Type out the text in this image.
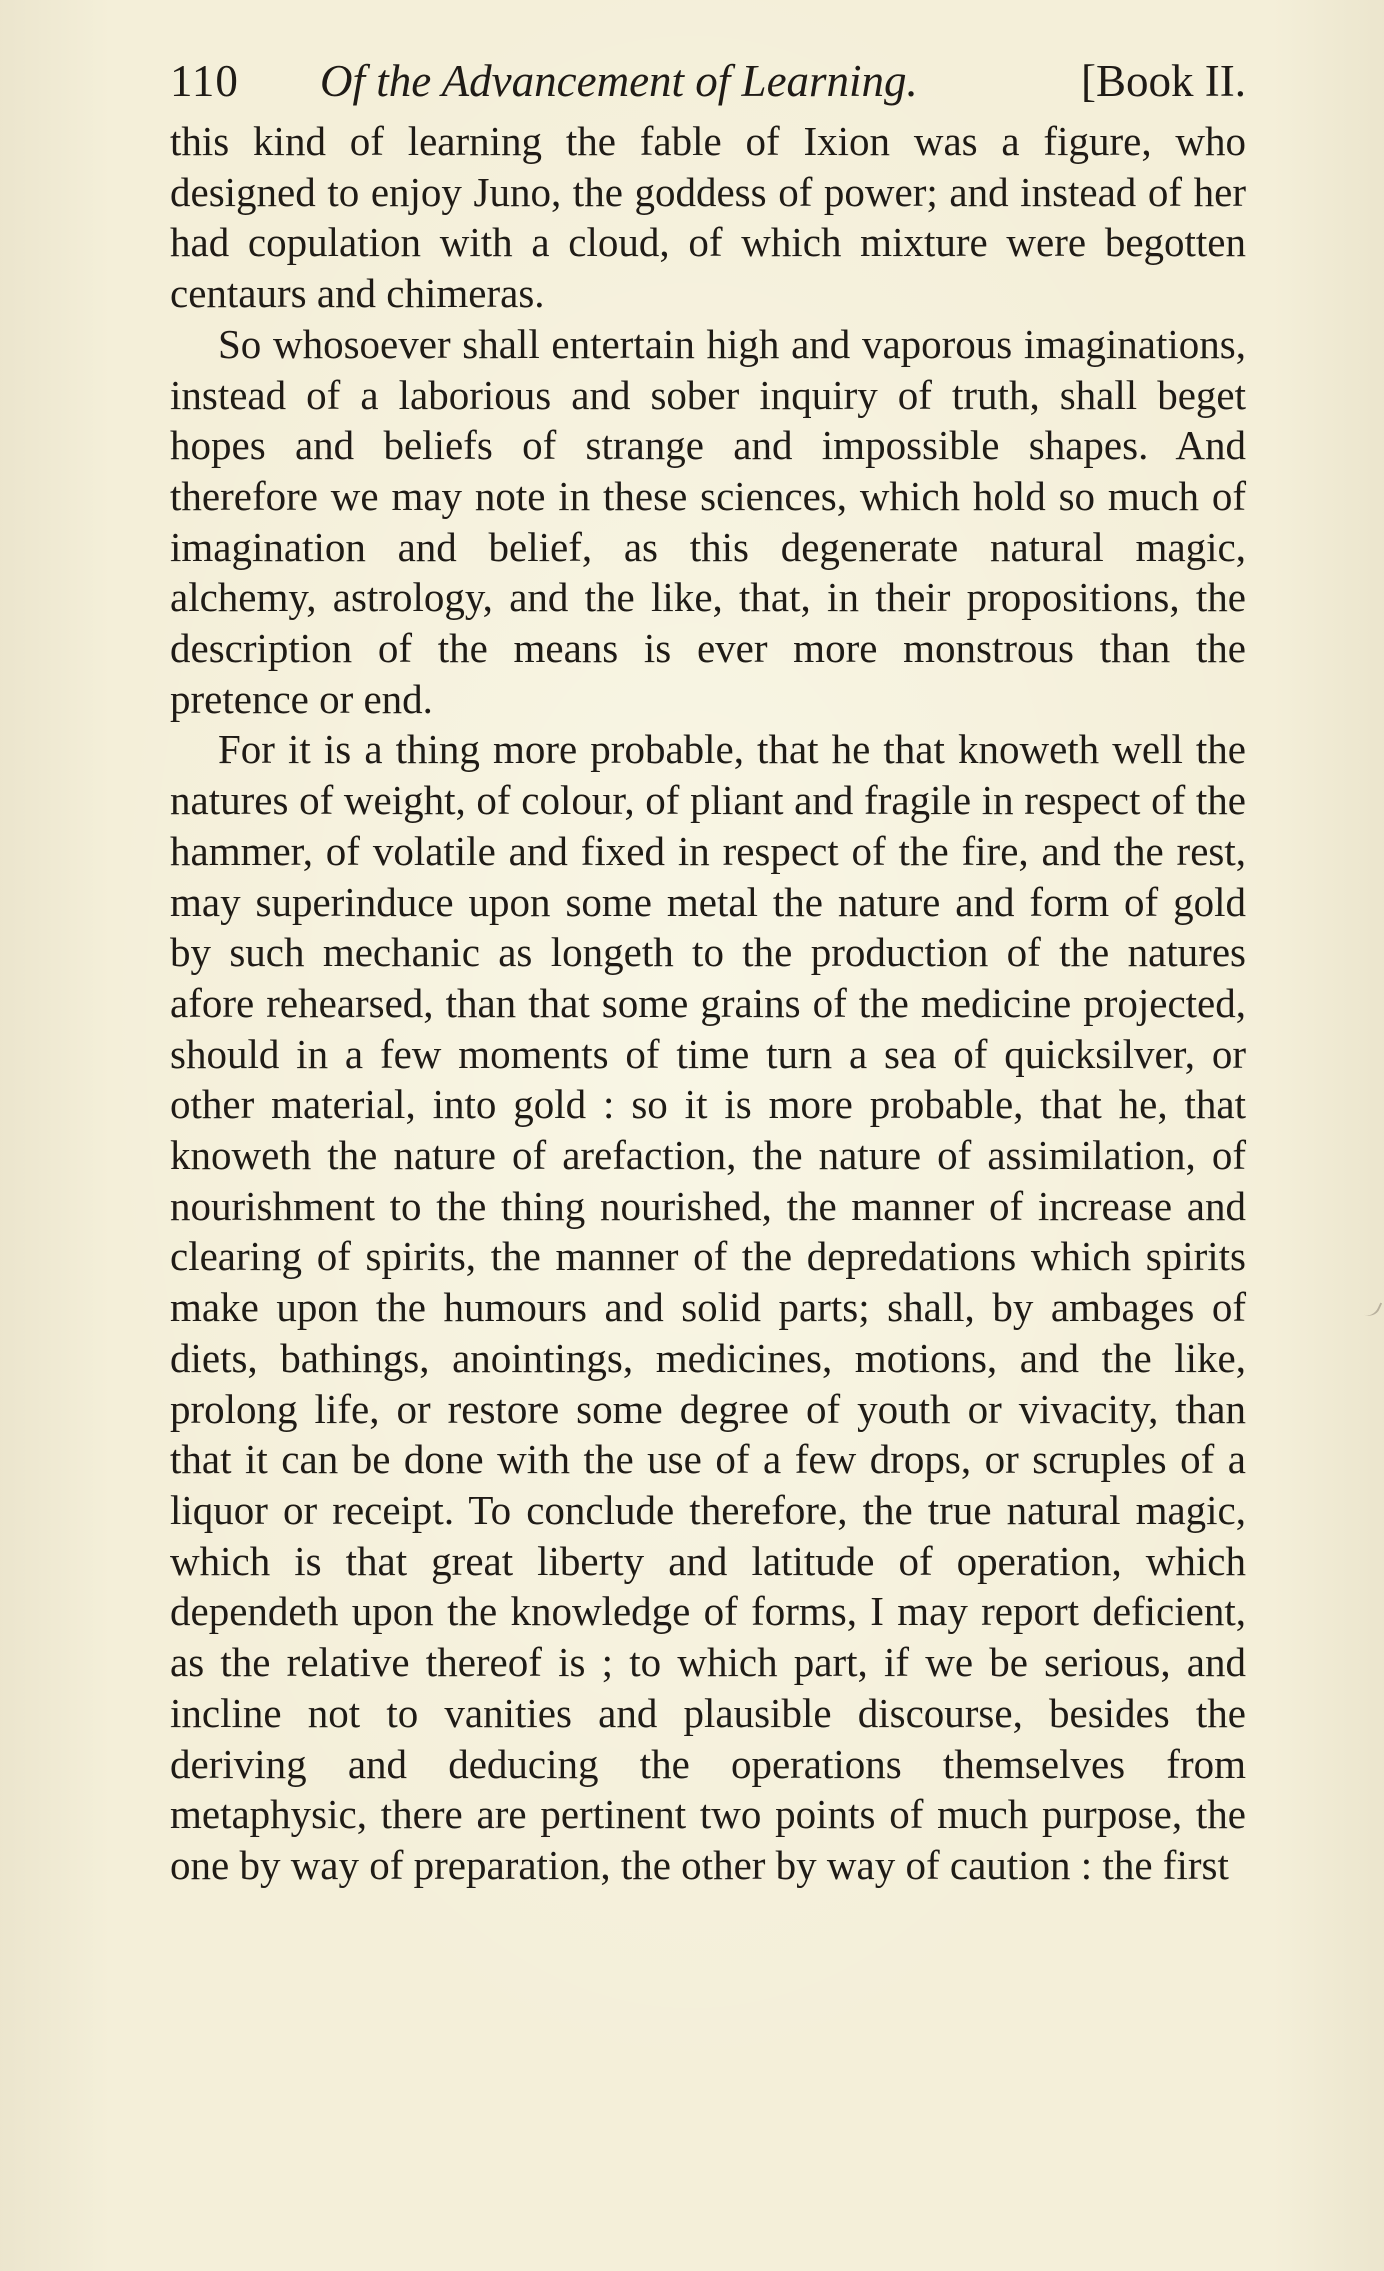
110 Of the Advancement of Learning.	[Book II.

this kind of learning the fable of Ixion was a figure, who designed to enjoy Juno, the goddess of power; and instead of her had copulation with a cloud, of which mixture were begotten centaurs and chimeras.

So whosoever shall entertain high and vaporous imaginations, instead of a laborious and sober inquiry of truth, shall beget hopes and beliefs of strange and impossible shapes. And therefore we may note in these sciences, which hold so much of imagination and belief, as this degenerate natural magic, alchemy, astrology, and the like, that, in their propositions, the description of the means is ever more monstrous than the pretence or end.

For it is a thing more probable, that he that knoweth well the natures of weight, of colour, of pliant and fragile in respect of the hammer, of volatile and fixed in respect of the fire, and the rest, may superinduce upon some metal the nature and form of gold by such mechanic as longeth to the production of the natures afore rehearsed, than that some grains of the medicine projected, should in a few moments of time turn a sea of quicksilver, or other material, into gold : so it is more probable, that he, that knoweth the nature of arefaction, the nature of assimilation, of nourishment to the thing nourished, the manner of increase and clearing of spirits, the manner of the depredations which spirits make upon the humours and solid parts; shall, by ambages of diets, bathings, anointings, medicines, motions, and the like, prolong life, or restore some degree of youth or vivacity, than that it can be done with the use of a few drops, or scruples of a liquor or receipt. To conclude therefore, the true natural magic, which is that great liberty and latitude of operation, which dependeth upon the knowledge of forms, I may report deficient, as the relative thereof is ; to which part, if we be serious, and incline not to vanities and plausible discourse, besides the deriving and deducing the operations themselves from metaphysic, there are pertinent two points of much purpose, the one by way of preparation, the other by way of caution : the first
